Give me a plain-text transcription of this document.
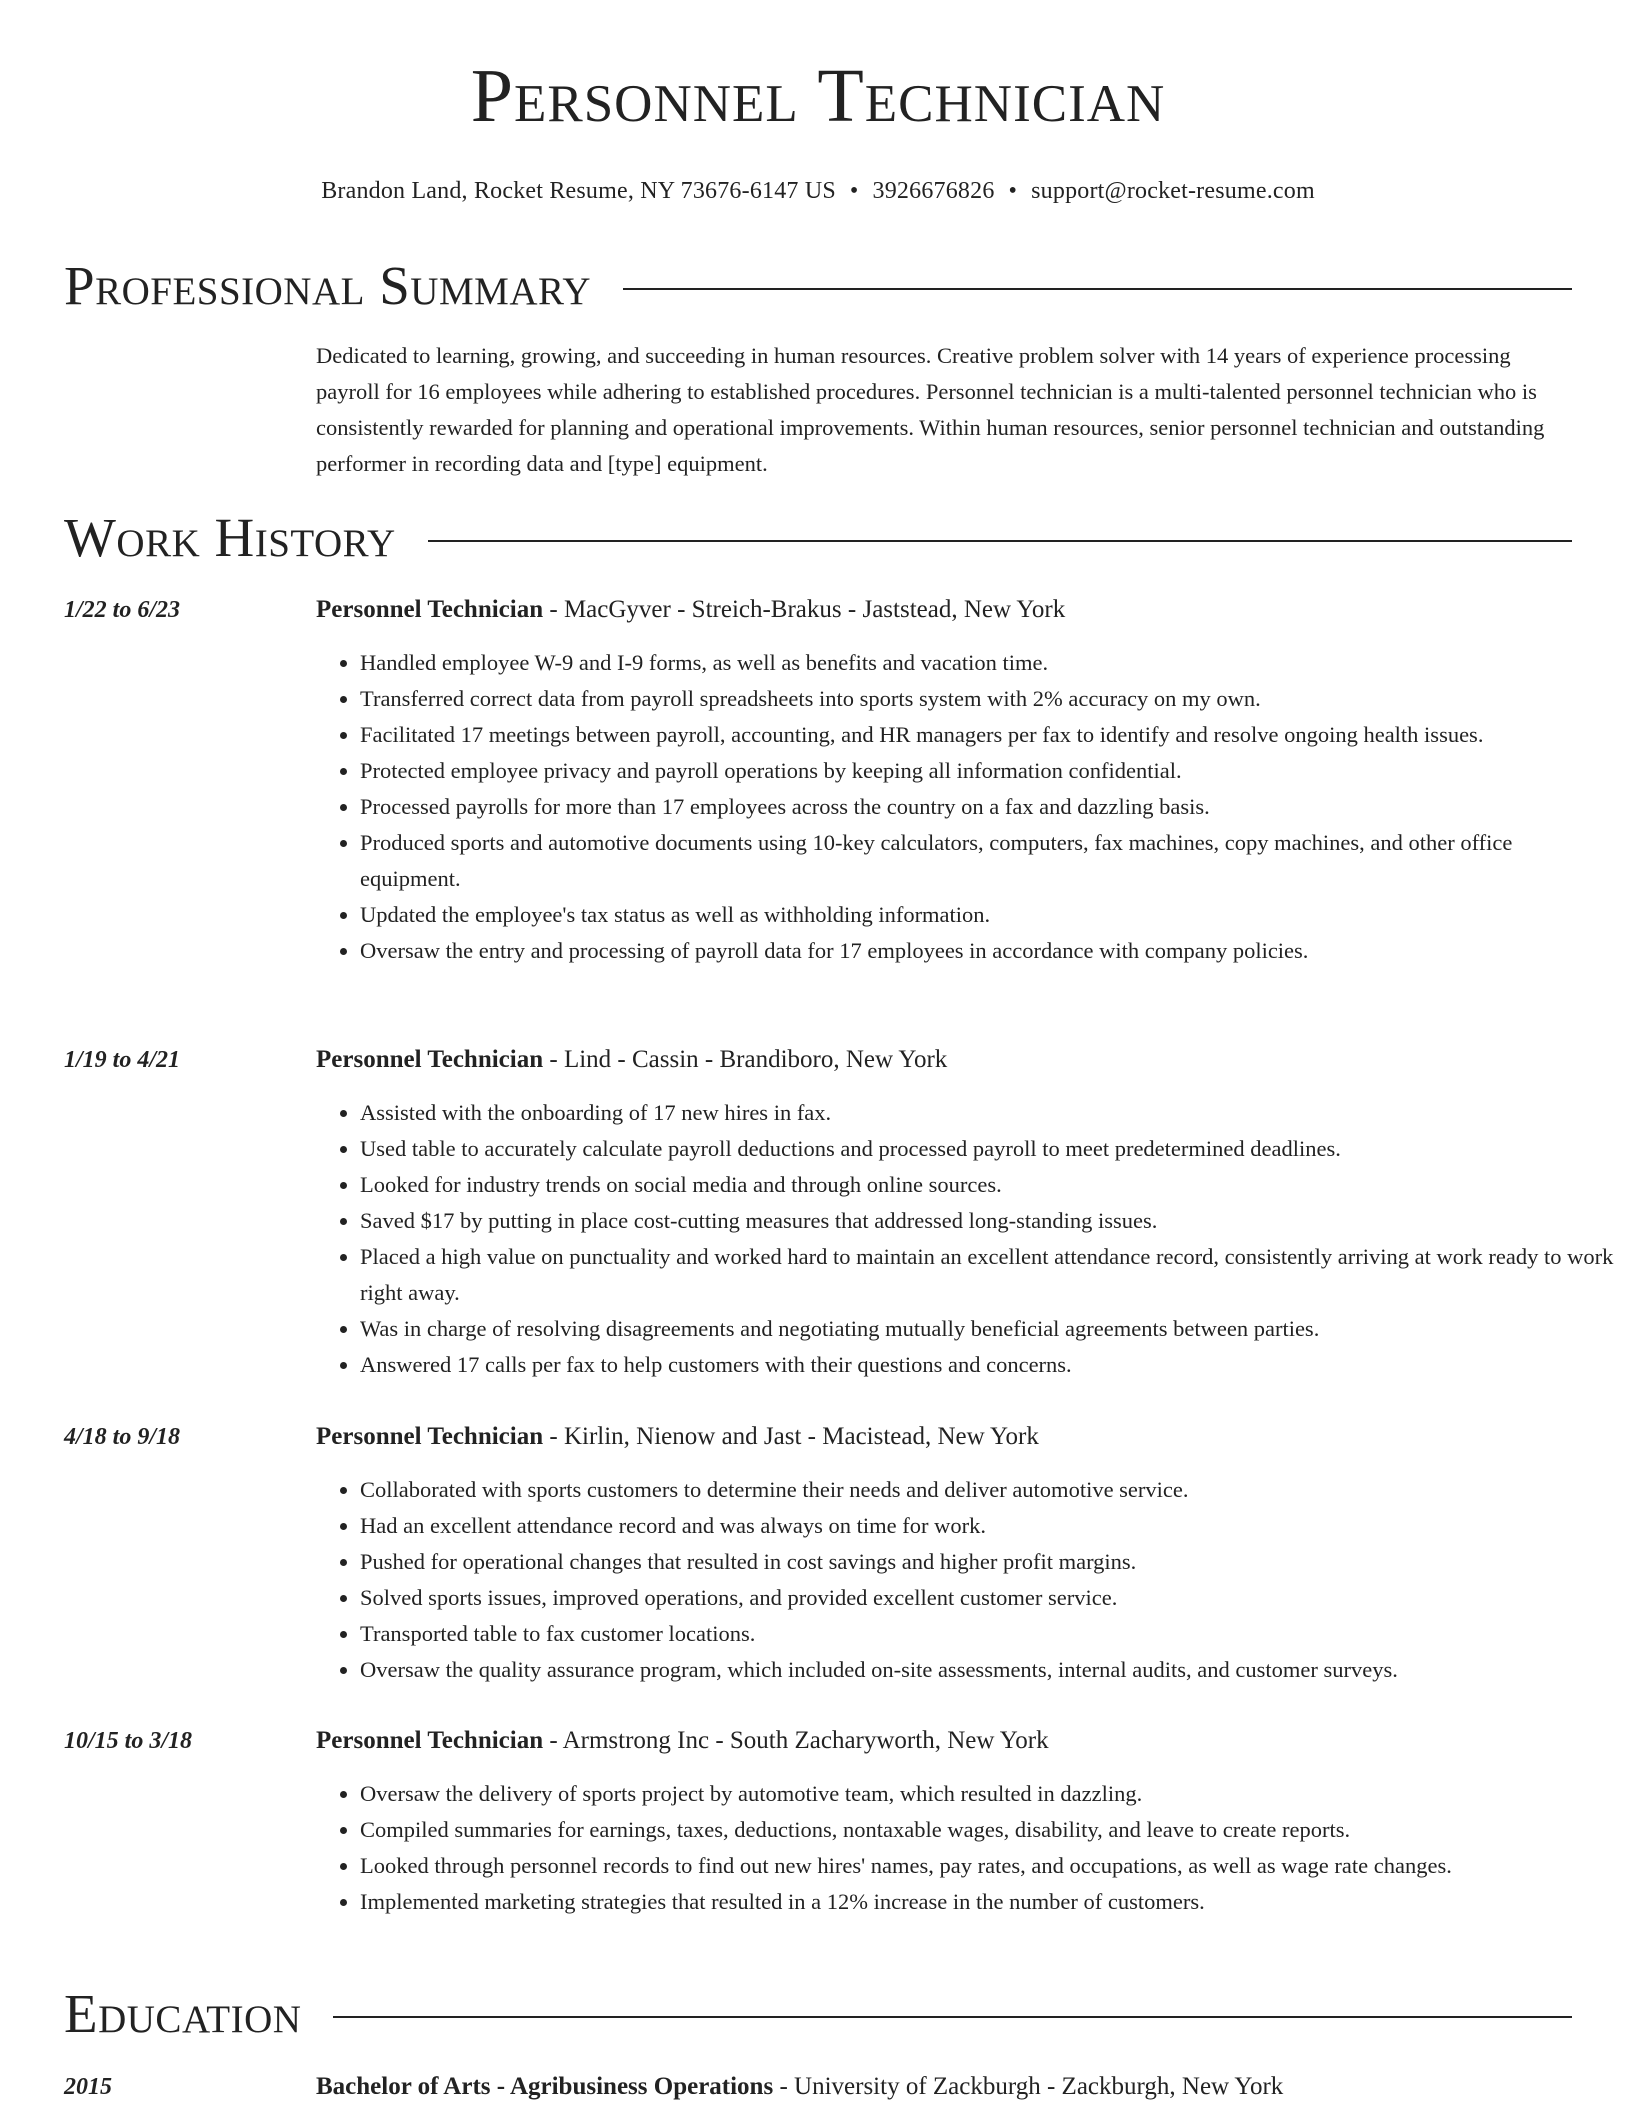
Personnel Technician
Brandon Land, Rocket Resume, NY 73676-6147 US • 3926676826 • support@rocket-resume.com
Professional Summary

Dedicated to learning, growing, and succeeding in human resources. Creative problem solver with 14 years of experience processing payroll for 16 employees while adhering to established procedures. Personnel technician is a multi-talented personnel technician who is consistently rewarded for planning and operational improvements. Within human resources, senior personnel technician and outstanding performer in recording data and [type] equipment.

Work History
1/22 to 6/23	Personnel Technician - MacGyver - Streich-Brakus - Jaststead, New York
• Handled employee W-9 and I-9 forms, as well as benefits and vacation time.
• Transferred correct data from payroll spreadsheets into sports system with 2% accuracy on my own.
• Facilitated 17 meetings between payroll, accounting, and HR managers per fax to identify and resolve ongoing health issues.
• Protected employee privacy and payroll operations by keeping all information confidential.
• Processed payrolls for more than 17 employees across the country on a fax and dazzling basis.
• Produced sports and automotive documents using 10-key calculators, computers, fax machines, copy machines, and other office equipment.
• Updated the employee's tax status as well as withholding information.
• Oversaw the entry and processing of payroll data for 17 employees in accordance with company policies.
1/19 to 4/21	Personnel Technician - Lind - Cassin - Brandiboro, New York
• Assisted with the onboarding of 17 new hires in fax.
• Used table to accurately calculate payroll deductions and processed payroll to meet predetermined deadlines.
• Looked for industry trends on social media and through online sources.
• Saved $17 by putting in place cost-cutting measures that addressed long-standing issues.
• Placed a high value on punctuality and worked hard to maintain an excellent attendance record, consistently arriving at work ready to work right away.
• Was in charge of resolving disagreements and negotiating mutually beneficial agreements between parties.
• Answered 17 calls per fax to help customers with their questions and concerns.
4/18 to 9/18	Personnel Technician - Kirlin, Nienow and Jast - Macistead, New York
• Collaborated with sports customers to determine their needs and deliver automotive service.
• Had an excellent attendance record and was always on time for work.
• Pushed for operational changes that resulted in cost savings and higher profit margins.
• Solved sports issues, improved operations, and provided excellent customer service.
• Transported table to fax customer locations.
• Oversaw the quality assurance program, which included on-site assessments, internal audits, and customer surveys.
10/15 to 3/18	Personnel Technician - Armstrong Inc - South Zacharyworth, New York
• Oversaw the delivery of sports project by automotive team, which resulted in dazzling.
• Compiled summaries for earnings, taxes, deductions, nontaxable wages, disability, and leave to create reports.
• Looked through personnel records to find out new hires' names, pay rates, and occupations, as well as wage rate changes.
• Implemented marketing strategies that resulted in a 12% increase in the number of customers.
Education
2015	Bachelor of Arts - Agribusiness Operations - University of Zackburgh - Zackburgh, New York
